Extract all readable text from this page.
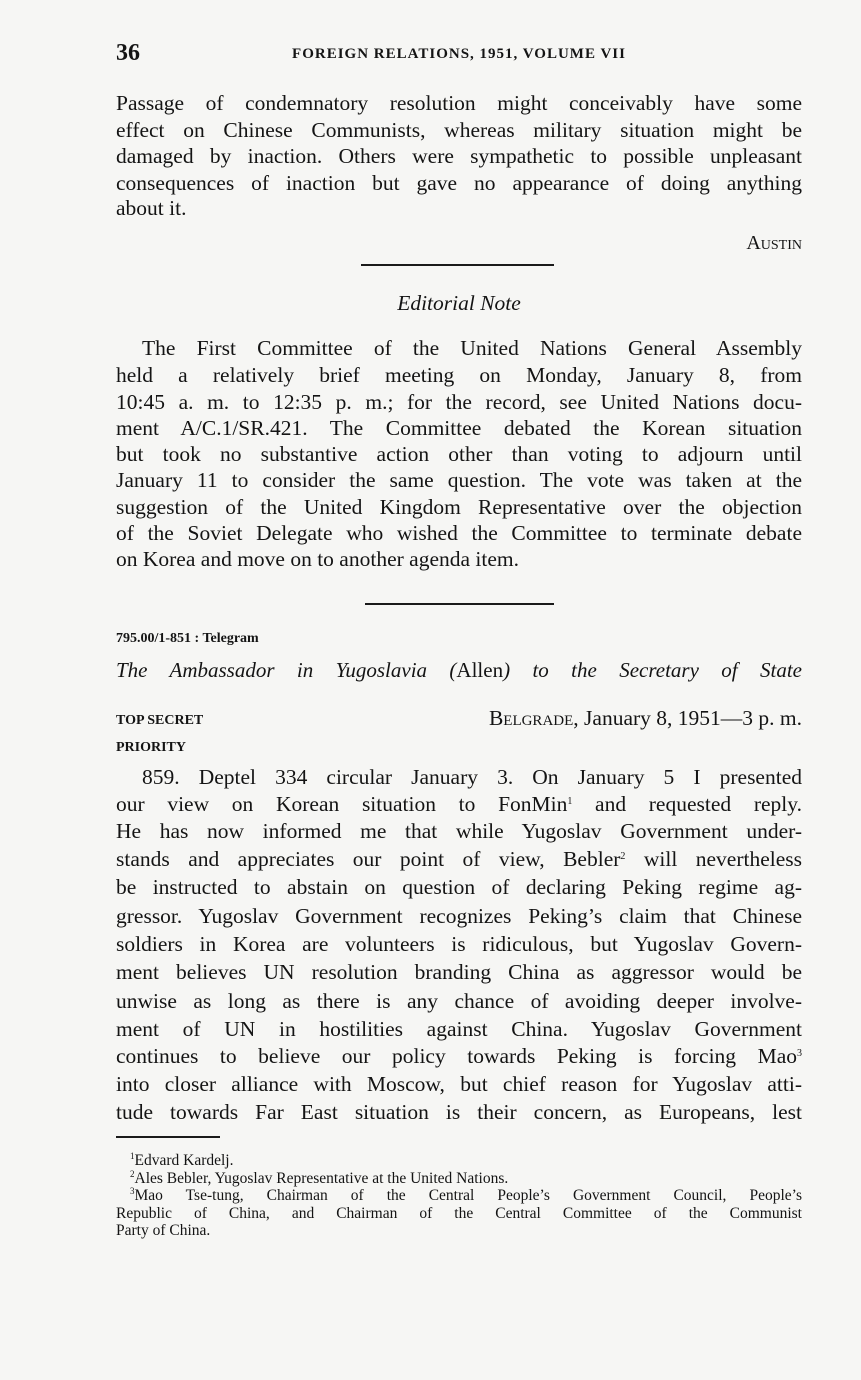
36	FOREIGN RELATIONS, 1951, VOLUME VII
Passage of condemnatory resolution might conceivably have some
effect on Chinese Communists, whereas military situation might be
damaged by inaction. Others were sympathetic to possible unpleasant
consequences of inaction but gave no appearance of doing anything
about it.
Austin
Editorial Note
The First Committee of the United Nations General Assembly
held a relatively brief meeting on Monday, January 8, from
10:45 a. m. to 12:35 p. m.; for the record, see United Nations docu-
ment A/C.1/SR.421. The Committee debated the Korean situation
but took no substantive action other than voting to adjourn until
January 11 to consider the same question. The vote was taken at the
suggestion of the United Kingdom Representative over the objection
of the Soviet Delegate who wished the Committee to terminate debate
on Korea and move on to another agenda item.
795.00/1-851 : Telegram
The Ambassador in Yugoslavia (Allen) to the Secretary of State
TOP SECRET	Belgrade, January 8, 1951—3 p. m.
PRIORITY
859. Deptel 334 circular January 3. On January 5 I presented
our view on Korean situation to FonMin$^1$ and requested reply.
He has now informed me that while Yugoslav Government under-
stands and appreciates our point of view, Bebler$^2$ will nevertheless
be instructed to abstain on question of declaring Peking regime ag-
gressor. Yugoslav Government recognizes Peking’s claim that Chinese
soldiers in Korea are volunteers is ridiculous, but Yugoslav Govern-
ment believes UN resolution branding China as aggressor would be
unwise as long as there is any chance of avoiding deeper involve-
ment of UN in hostilities against China. Yugoslav Government
continues to believe our policy towards Peking is forcing Mao$^3$
into closer alliance with Moscow, but chief reason for Yugoslav atti-
tude towards Far East situation is their concern, as Europeans, lest
$^1$Edvard Kardelj.
$^2$Ales Bebler, Yugoslav Representative at the United Nations.
$^3$Mao Tse-tung, Chairman of the Central People’s Government Council, People’s
Republic of China, and Chairman of the Central Committee of the Communist
Party of China.
